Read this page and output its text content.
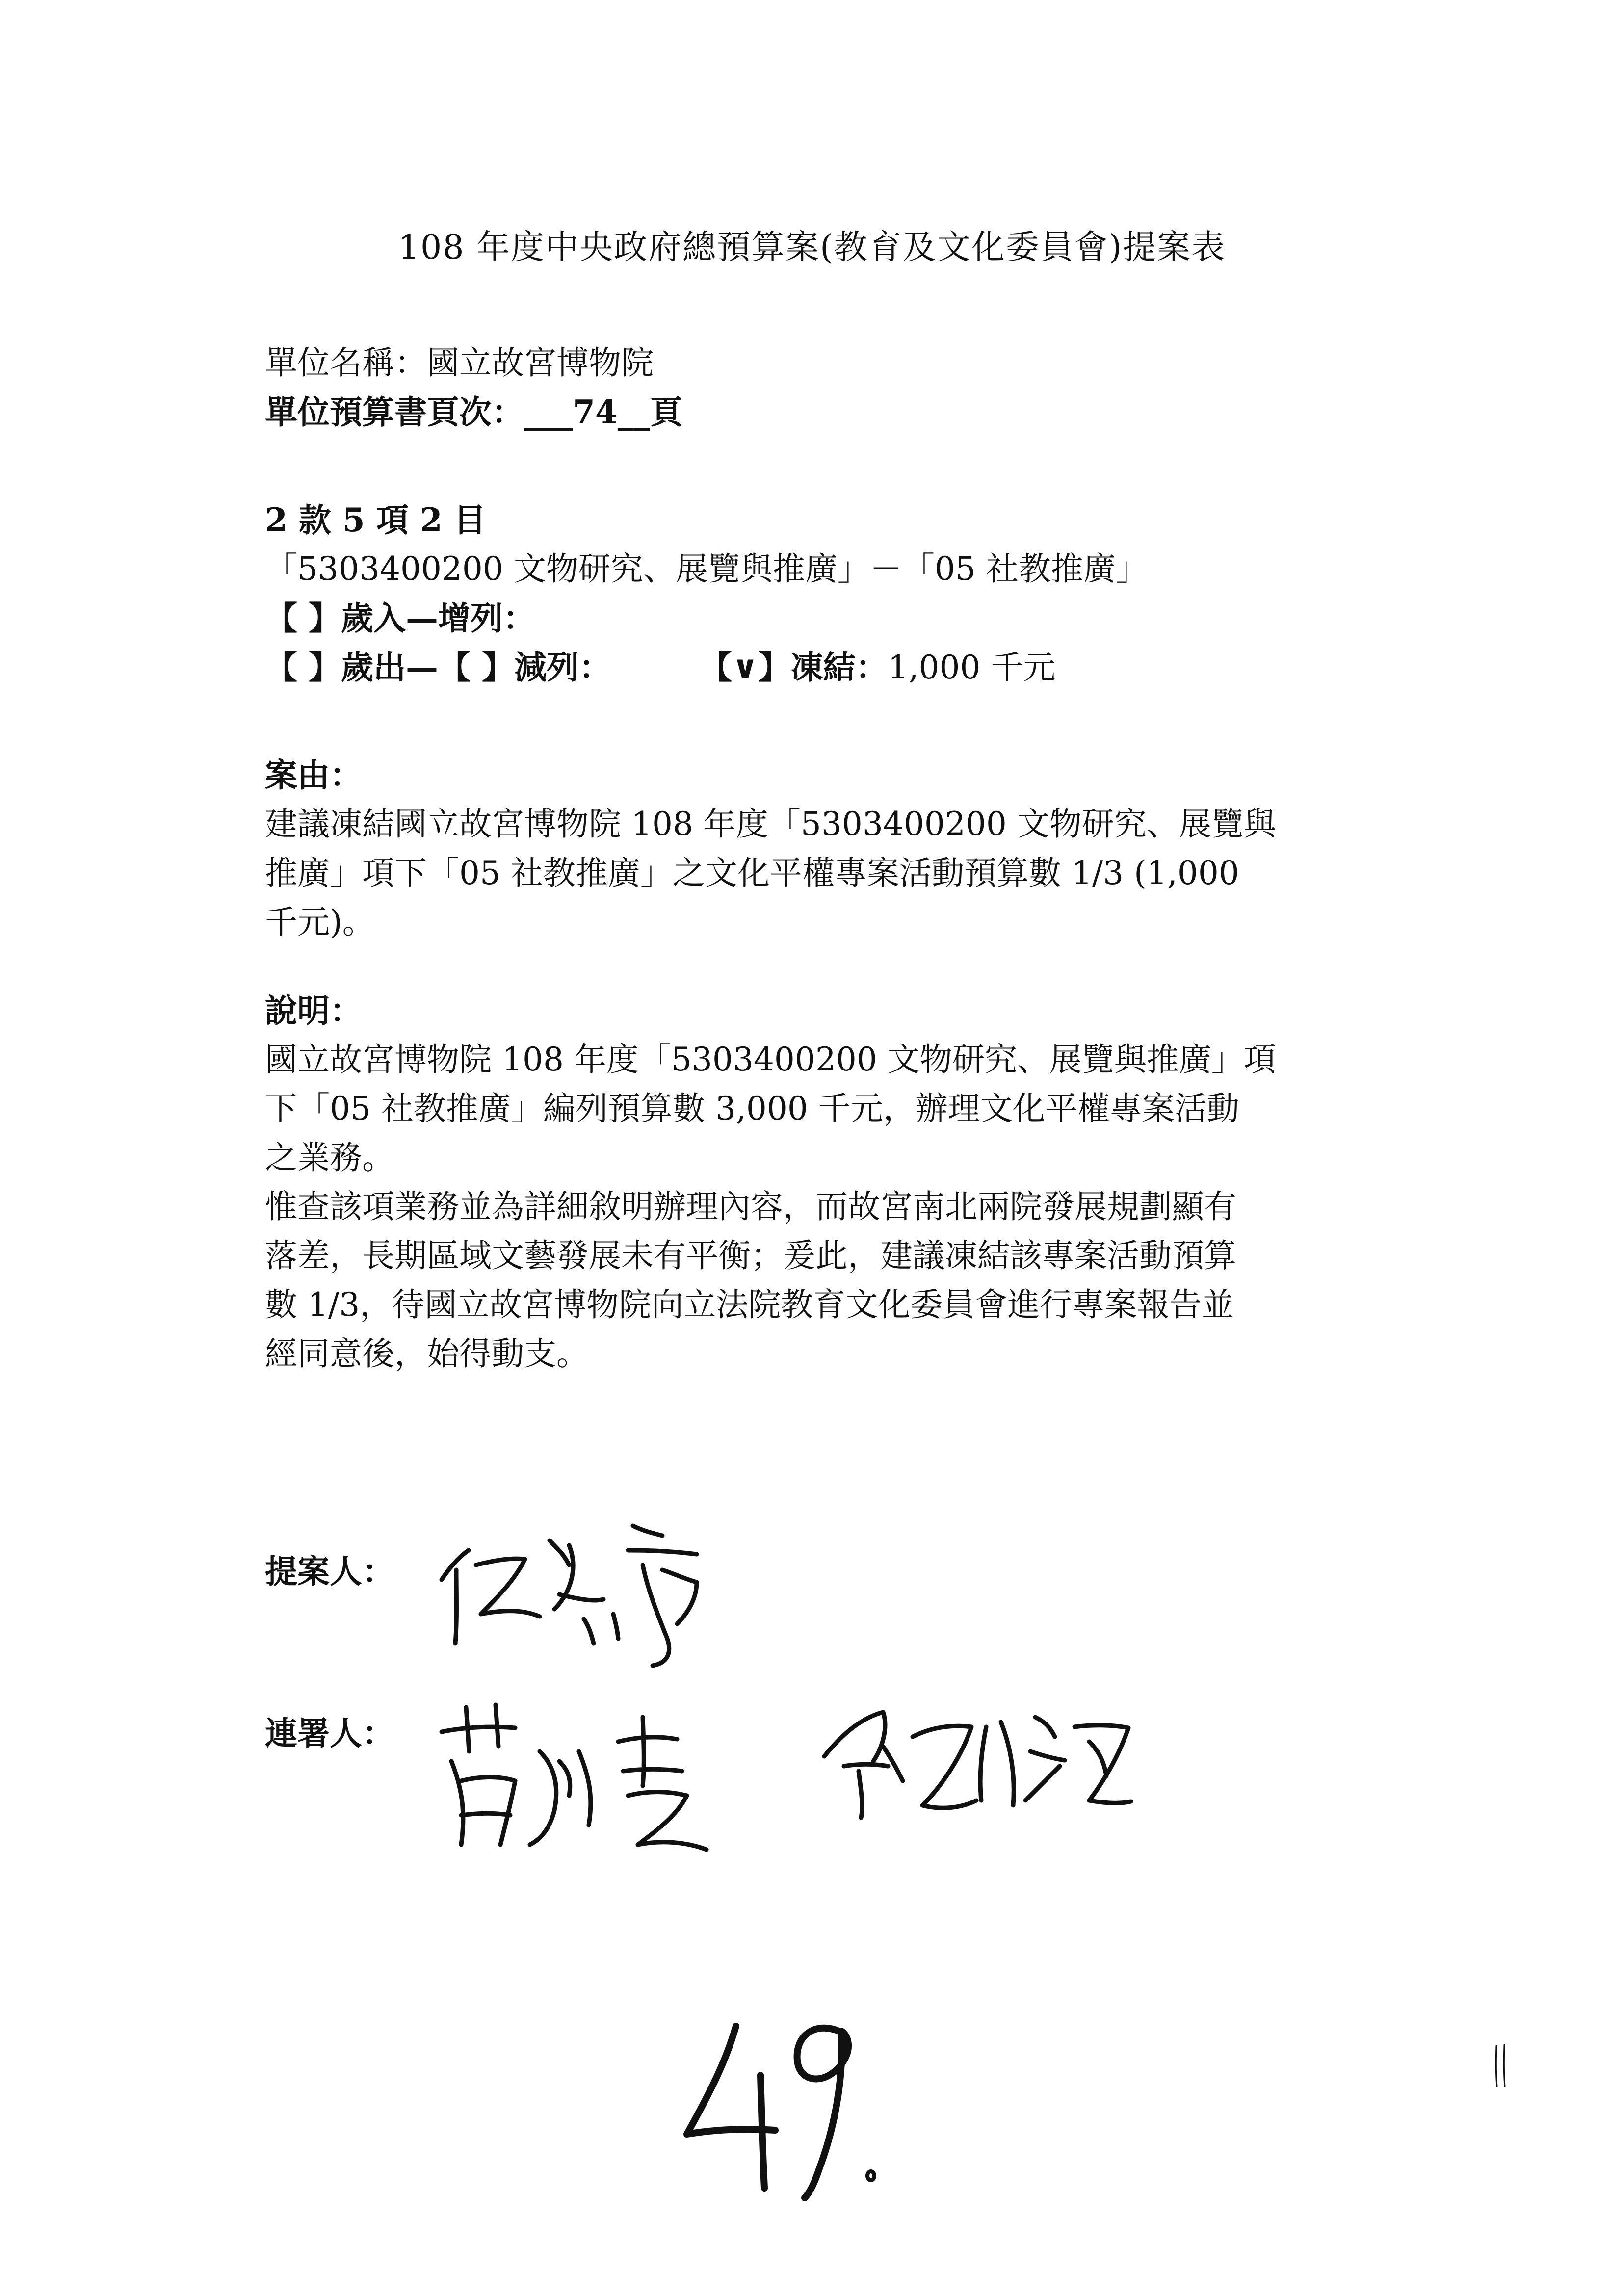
108 年度中央政府總預算案(教育及文化委員會)提案表
單位名稱：國立故宮博物院
單位預算書頁次：___74__頁
2 款 5 項 2 目
「5303400200 文物研究、展覽與推廣」－「05 社教推廣」
【 】歲入—增列：
【 】歲出—【 】減列：	【∨】凍結：1,000 千元
案由：
建議凍結國立故宮博物院 108 年度「5303400200 文物研究、展覽與
推廣」項下「05 社教推廣」之文化平權專案活動預算數 1/3 (1,000
千元)。
說明：
國立故宮博物院 108 年度「5303400200 文物研究、展覽與推廣」項
下「05 社教推廣」編列預算數 3,000 千元，辦理文化平權專案活動
之業務。
惟查該項業務並為詳細敘明辦理內容，而故宮南北兩院發展規劃顯有
落差，長期區域文藝發展未有平衡；爰此，建議凍結該專案活動預算
數 1/3，待國立故宮博物院向立法院教育文化委員會進行專案報告並
經同意後，始得動支。
提案人：
連署人：
